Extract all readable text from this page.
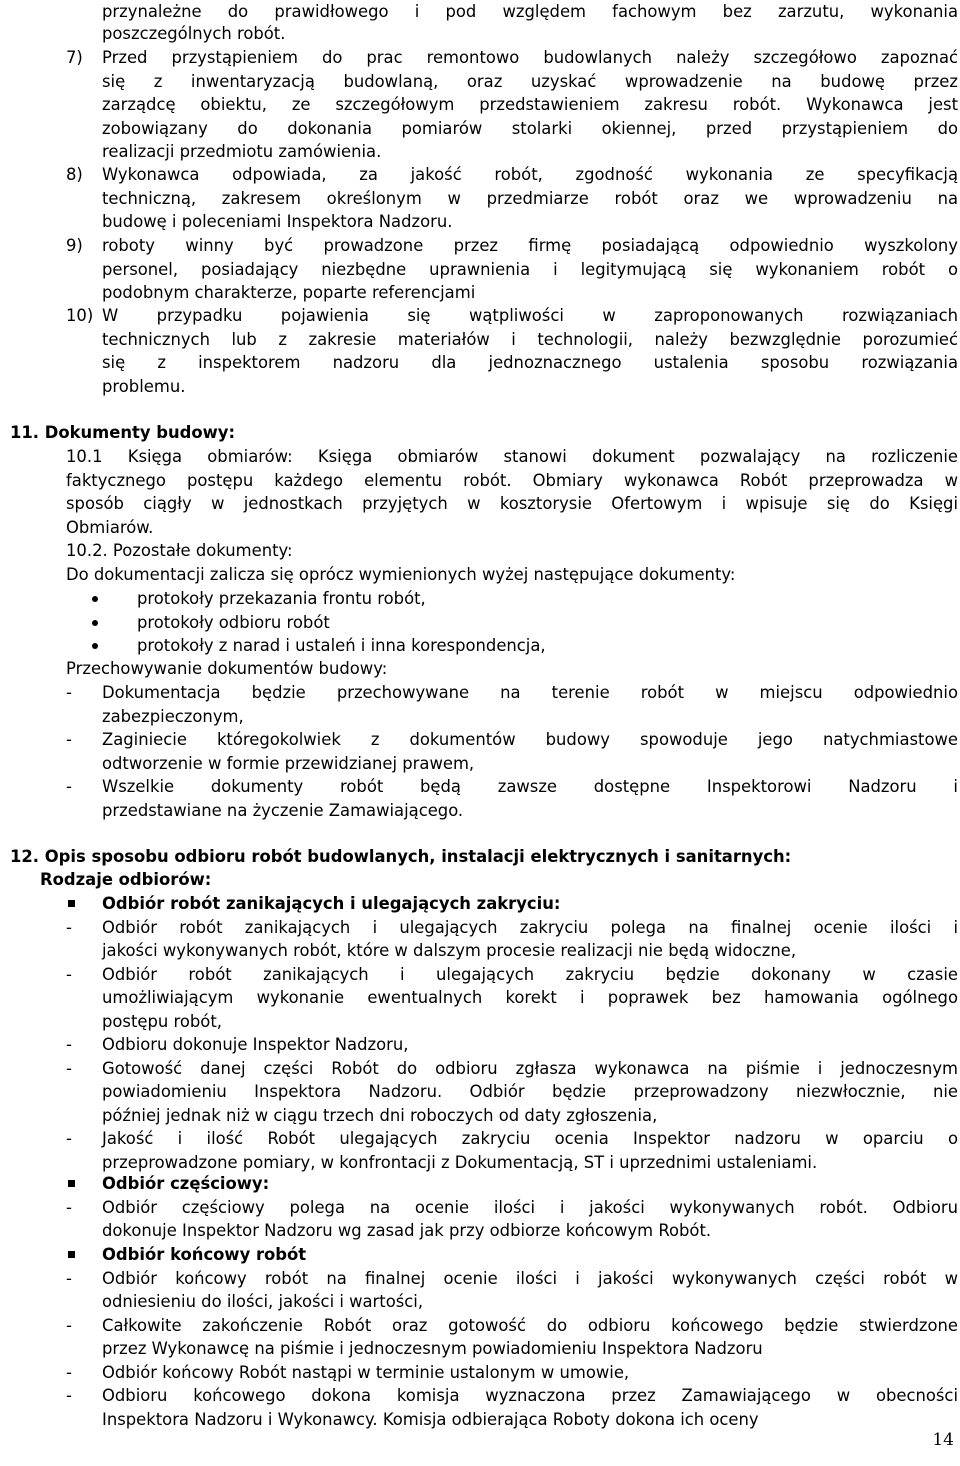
przynależne do prawidłowego i pod względem fachowym bez zarzutu, wykonania
poszczególnych robót.
7) Przed przystąpieniem do prac remontowo budowlanych należy szczegółowo zapoznać
się z inwentaryzacją budowlaną, oraz uzyskać wprowadzenie na budowę przez
zarządcę obiektu, ze szczegółowym przedstawieniem zakresu robót. Wykonawca jest
zobowiązany do dokonania pomiarów stolarki okiennej, przed przystąpieniem do
realizacji przedmiotu zamówienia.
8) Wykonawca odpowiada, za jakość robót, zgodność wykonania ze specyfikacją
techniczną, zakresem określonym w przedmiarze robót oraz we wprowadzeniu na
budowę i poleceniami Inspektora Nadzoru.
9) roboty winny być prowadzone przez firmę posiadającą odpowiednio wyszkolony
personel, posiadający niezbędne uprawnienia i legitymującą się wykonaniem robót o
podobnym charakterze, poparte referencjami
10) W przypadku pojawienia się wątpliwości w zaproponowanych rozwiązaniach
technicznych lub z zakresie materiałów i technologii, należy bezwzględnie porozumieć
się z inspektorem nadzoru dla jednoznacznego ustalenia sposobu rozwiązania
problemu.
11. Dokumenty budowy:
10.1 Księga obmiarów: Księga obmiarów stanowi dokument pozwalający na rozliczenie
faktycznego postępu każdego elementu robót. Obmiary wykonawca Robót przeprowadza w
sposób ciągły w jednostkach przyjętych w kosztorysie Ofertowym i wpisuje się do Księgi
Obmiarów.
10.2. Pozostałe dokumenty:
Do dokumentacji zalicza się oprócz wymienionych wyżej następujące dokumenty:
protokoły przekazania frontu robót,
protokoły odbioru robót
protokoły z narad i ustaleń i inna korespondencja,
Przechowywanie dokumentów budowy:
- Dokumentacja będzie przechowywane na terenie robót w miejscu odpowiednio
zabezpieczonym,
- Zaginiecie któregokolwiek z dokumentów budowy spowoduje jego natychmiastowe
odtworzenie w formie przewidzianej prawem,
- Wszelkie dokumenty robót będą zawsze dostępne Inspektorowi Nadzoru i
przedstawiane na życzenie Zamawiającego.
12. Opis sposobu odbioru robót budowlanych, instalacji elektrycznych i sanitarnych:
Rodzaje odbiorów:
Odbiór robót zanikających i ulegających zakryciu:
- Odbiór robót zanikających i ulegających zakryciu polega na finalnej ocenie ilości i
jakości wykonywanych robót, które w dalszym procesie realizacji nie będą widoczne,
- Odbiór robót zanikających i ulegających zakryciu będzie dokonany w czasie
umożliwiającym wykonanie ewentualnych korekt i poprawek bez hamowania ogólnego
postępu robót,
- Odbioru dokonuje Inspektor Nadzoru,
- Gotowość danej części Robót do odbioru zgłasza wykonawca na piśmie i jednoczesnym
powiadomieniu Inspektora Nadzoru. Odbiór będzie przeprowadzony niezwłocznie, nie
później jednak niż w ciągu trzech dni roboczych od daty zgłoszenia,
- Jakość i ilość Robót ulegających zakryciu ocenia Inspektor nadzoru w oparciu o
przeprowadzone pomiary, w konfrontacji z Dokumentacją, ST i uprzednimi ustaleniami.
Odbiór częściowy:
- Odbiór częściowy polega na ocenie ilości i jakości wykonywanych robót. Odbioru
dokonuje Inspektor Nadzoru wg zasad jak przy odbiorze końcowym Robót.
Odbiór końcowy robót
- Odbiór końcowy robót na finalnej ocenie ilości i jakości wykonywanych części robót w
odniesieniu do ilości, jakości i wartości,
- Całkowite zakończenie Robót oraz gotowość do odbioru końcowego będzie stwierdzone
przez Wykonawcę na piśmie i jednoczesnym powiadomieniu Inspektora Nadzoru
- Odbiór końcowy Robót nastąpi w terminie ustalonym w umowie,
- Odbioru końcowego dokona komisja wyznaczona przez Zamawiającego w obecności
Inspektora Nadzoru i Wykonawcy. Komisja odbierająca Roboty dokona ich oceny
14
